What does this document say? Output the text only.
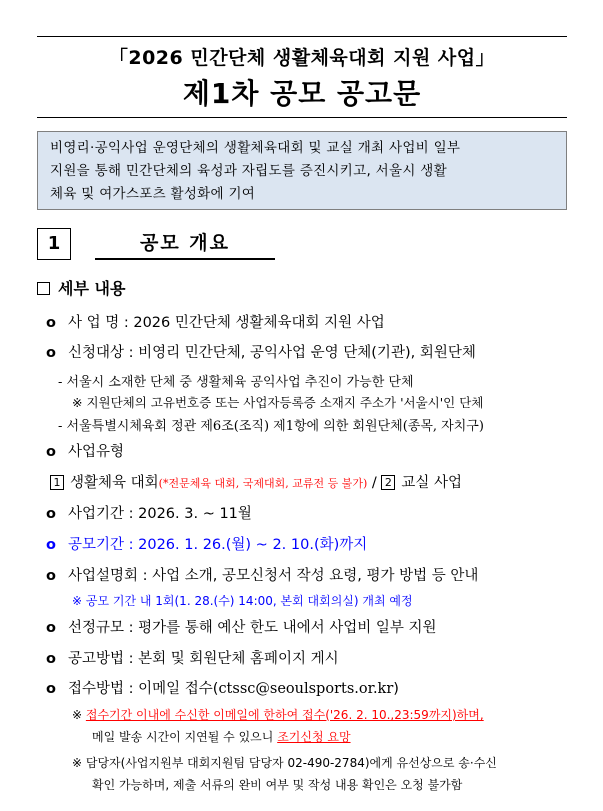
「2026 민간단체 생활체육대회 지원 사업」
제1차 공모 공고문
비영리·공익사업 운영단체의 생활체육대회 및 교실 개최 사업비 일부
지원을 통해 민간단체의 육성과 자립도를 증진시키고, 서울시 생활
체육 및 여가스포츠 활성화에 기여
1	공모 개요
세부 내용
o 사 업 명 : 2026 민간단체 생활체육대회 지원 사업
o 신청대상 : 비영리 민간단체, 공익사업 운영 단체(기관), 회원단체
- 서울시 소재한 단체 중 생활체육 공익사업 추진이 가능한 단체
※ 지원단체의 고유번호증 또는 사업자등록증 소재지 주소가 '서울시'인 단체
- 서울특별시체육회 정관 제6조(조직) 제1항에 의한 회원단체(종목, 자치구)
o 사업유형
1 생활체육 대회(*전문체육 대회, 국제대회, 교류전 등 불가) / 2 교실 사업
o 사업기간 : 2026. 3. ~ 11월
o 공모기간 : 2026. 1. 26.(월) ~ 2. 10.(화)까지
o 사업설명회 : 사업 소개, 공모신청서 작성 요령, 평가 방법 등 안내
※ 공모 기간 내 1회(1. 28.(수) 14:00, 본회 대회의실) 개최 예정
o 선정규모 : 평가를 통해 예산 한도 내에서 사업비 일부 지원
o 공고방법 : 본회 및 회원단체 홈페이지 게시
o 접수방법 : 이메일 접수(ctssc@seoulsports.or.kr)
※ 접수기간 이내에 수신한 이메일에 한하여 접수('26. 2. 10.,23:59까지)하며,
메일 발송 시간이 지연될 수 있으니 조기신청 요망
※ 담당자(사업지원부 대회지원팀 담당자 02-490-2784)에게 유선상으로 송·수신
확인 가능하며, 제출 서류의 완비 여부 및 작성 내용 확인은 오청 불가함
